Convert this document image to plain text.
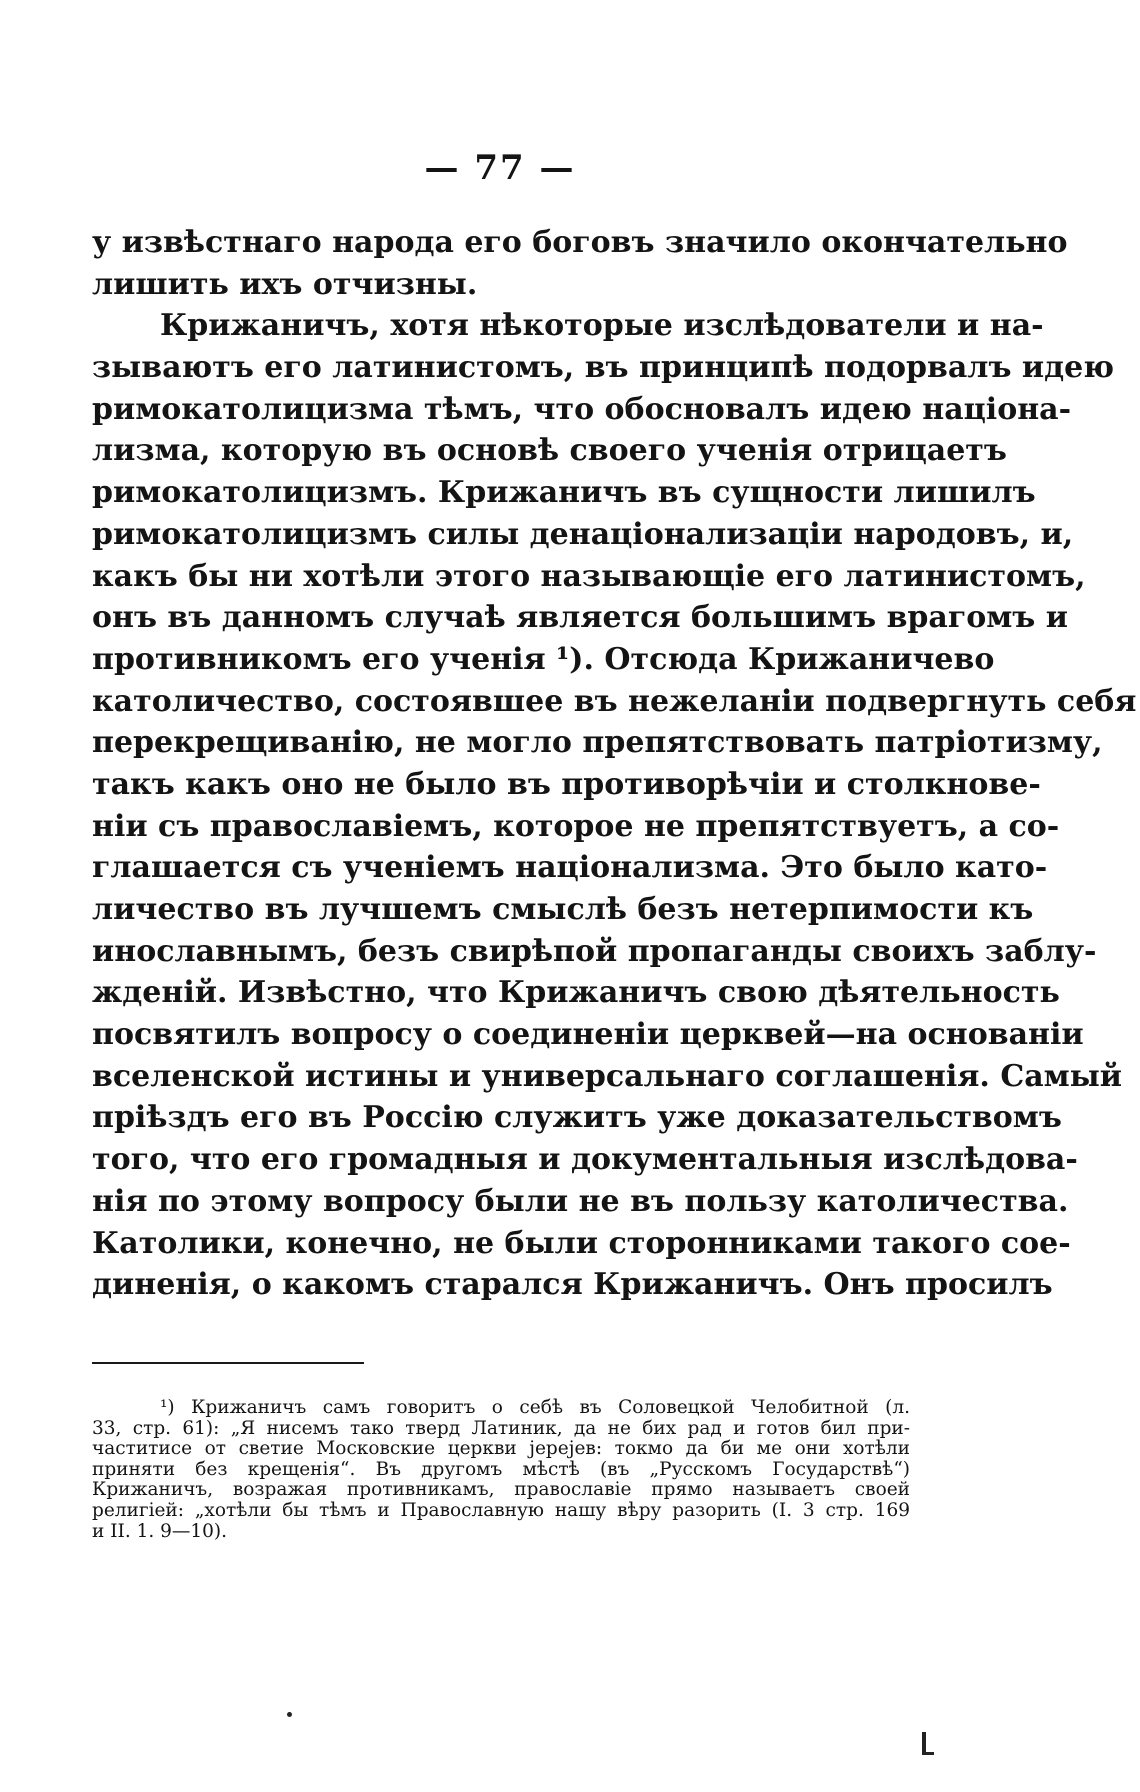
— 77 —
у извѣстнаго народа его боговъ значило окончательно
лишить ихъ отчизны.
Крижаничъ, хотя нѣкоторые изслѣдователи и на-
зываютъ его латинистомъ, въ принципѣ подорвалъ идею
римокатолицизма тѣмъ, что обосновалъ идею націона-
лизма, которую въ основѣ своего ученія отрицаетъ
римокатолицизмъ. Крижаничъ въ сущности лишилъ
римокатолицизмъ силы денаціонализаціи народовъ, и,
какъ бы ни хотѣли этого называющіе его латинистомъ,
онъ въ данномъ случаѣ является большимъ врагомъ и
противникомъ его ученія ¹). Отсюда Крижаничево
католичество, состоявшее въ нежеланіи подвергнуть себя
перекрещиванію, не могло препятствовать патріотизму,
такъ какъ оно не было въ противорѣчіи и столкнове-
ніи съ православіемъ, которое не препятствуетъ, а со-
глашается съ ученіемъ націонализма. Это было като-
личество въ лучшемъ смыслѣ безъ нетерпимости къ
инославнымъ, безъ свирѣпой пропаганды своихъ заблу-
жденій. Извѣстно, что Крижаничъ свою дѣятельность
посвятилъ вопросу о соединеніи церквей—на основаніи
вселенской истины и универсальнаго соглашенія. Самый
пріѣздъ его въ Россію служитъ уже доказательствомъ
того, что его громадныя и документальныя изслѣдова-
нія по этому вопросу были не въ пользу католичества.
Католики, конечно, не были сторонниками такого сое-
диненія, о какомъ старался Крижаничъ. Онъ просилъ
¹) Крижаничъ самъ говоритъ о себѣ въ Соловецкой Челобитной (л.
33, стр. 61): „Я нисемъ тако тверд Латиник, да не бих рад и готов бил при-
частитисе от светие Московские церкви јерејев: токмо да би ме они хотѣли
приняти без крещенія“. Въ другомъ мѣстѣ (въ „Русскомъ Государствѣ“)
Крижаничъ, возражая противникамъ, православіе прямо называетъ своей
религіей: „хотѣли бы тѣмъ и Православную нашу вѣру разорить (I. 3 стр. 169
и II. 1. 9—10).
